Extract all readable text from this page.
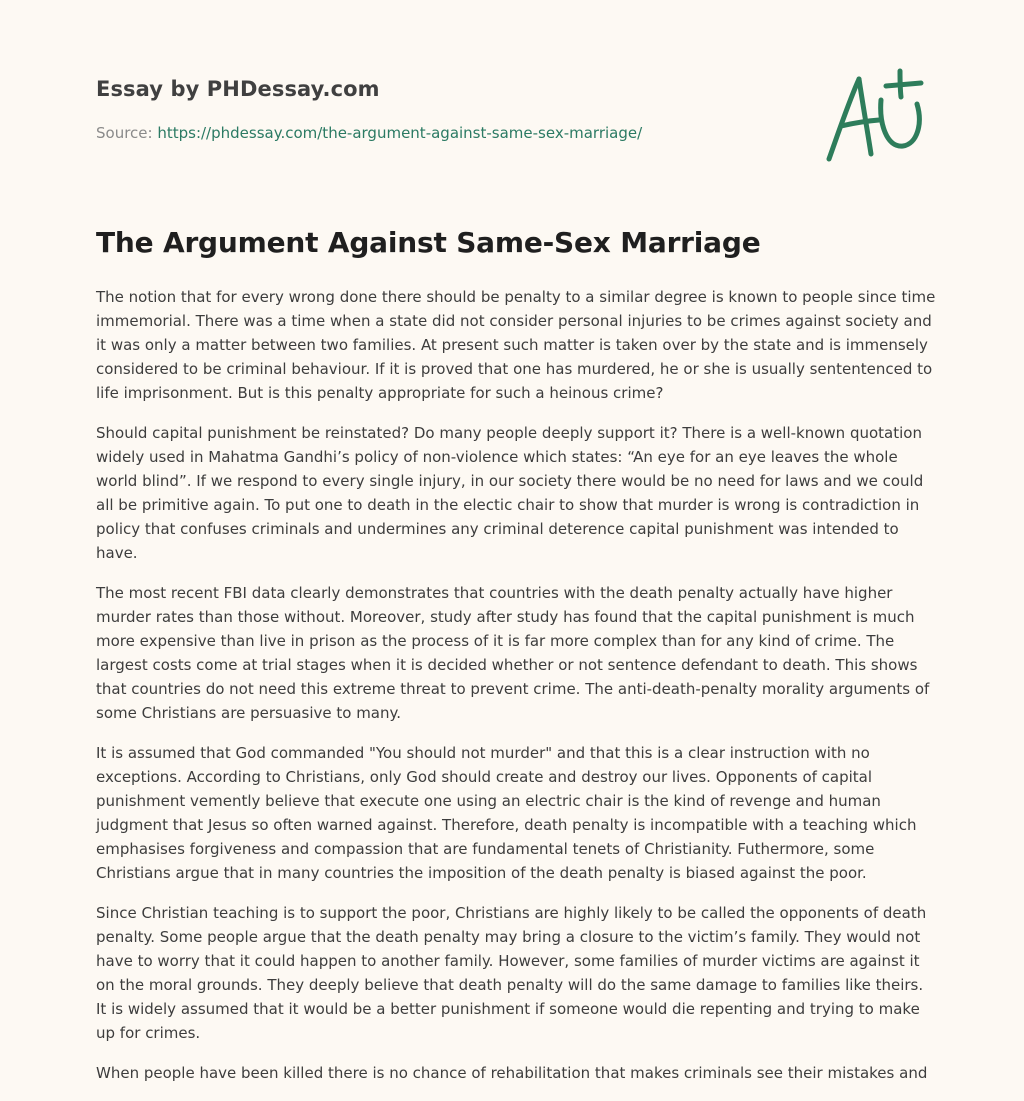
Essay by PHDessay.com

Source: https://phdessay.com/the-argument-against-same-sex-marriage/

The Argument Against Same-Sex Marriage

The notion that for every wrong done there should be penalty to a similar degree is known to people since time immemorial. There was a time when a state did not consider personal injuries to be crimes against society and it was only a matter between two families. At present such matter is taken over by the state and is immensely considered to be criminal behaviour. If it is proved that one has murdered, he or she is usually sententenced to life imprisonment. But is this penalty appropriate for such a heinous crime?

Should capital punishment be reinstated? Do many people deeply support it? There is a well-known quotation widely used in Mahatma Gandhi’s policy of non-violence which states: “An eye for an eye leaves the whole world blind”. If we respond to every single injury, in our society there would be no need for laws and we could all be primitive again. To put one to death in the electic chair to show that murder is wrong is contradiction in policy that confuses criminals and undermines any criminal deterence capital punishment was intended to have.

The most recent FBI data clearly demonstrates that countries with the death penalty actually have higher murder rates than those without. Moreover, study after study has found that the capital punishment is much more expensive than live in prison as the process of it is far more complex than for any kind of crime. The largest costs come at trial stages when it is decided whether or not sentence defendant to death. This shows that countries do not need this extreme threat to prevent crime. The anti-death-penalty morality arguments of some Christians are persuasive to many.

It is assumed that God commanded "You should not murder" and that this is a clear instruction with no exceptions. According to Christians, only God should create and destroy our lives. Opponents of capital punishment vemently believe that execute one using an electric chair is the kind of revenge and human judgment that Jesus so often warned against. Therefore, death penalty is incompatible with a teaching which emphasises forgiveness and compassion that are fundamental tenets of Christianity. Futhermore, some Christians argue that in many countries the imposition of the death penalty is biased against the poor.

Since Christian teaching is to support the poor, Christians are highly likely to be called the opponents of death penalty. Some people argue that the death penalty may bring a closure to the victim’s family. They would not have to worry that it could happen to another family. However, some families of murder victims are against it on the moral grounds. They deeply believe that death penalty will do the same damage to families like theirs. It is widely assumed that it would be a better punishment if someone would die repenting and trying to make up for crimes.

When people have been killed there is no chance of rehabilitation that makes criminals see their mistakes and
